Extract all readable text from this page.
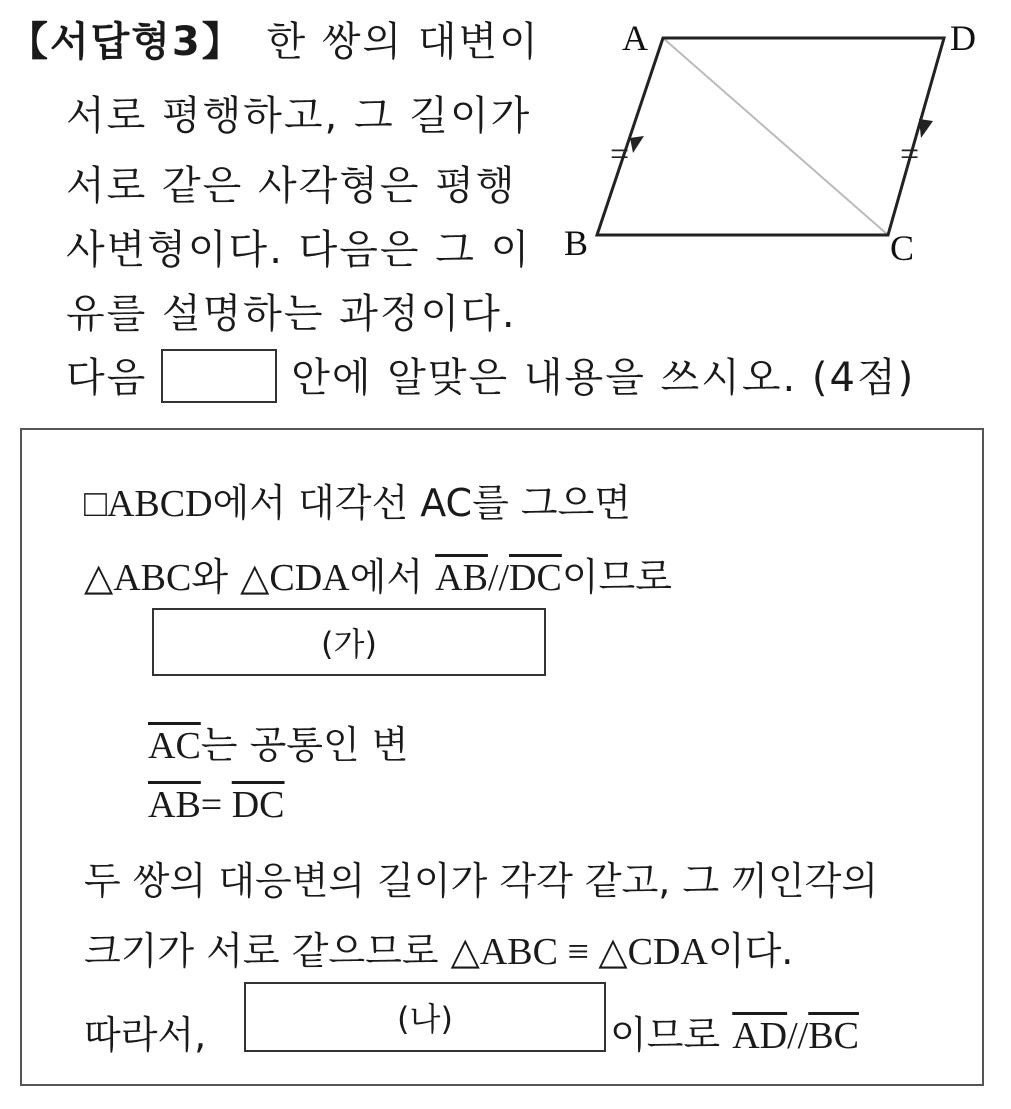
【서답형3】 한 쌍의 대변이
서로 평행하고, 그 길이가
서로 같은 사각형은 평행
사변형이다. 다음은 그 이
유를 설명하는 과정이다.
다음	안에 알맞은 내용을 쓰시오. (4점)
=	=
A	D
B	C
□ABCD에서 대각선 AC를 그으면
△ABC와 △CDA에서 $\overline{AB}//\overline{DC}$이므로
(가)
$\overline{AC}$는 공통인 변
$\overline{AB}= \overline{DC}$
두 쌍의 대응변의 길이가 각각 같고, 그 끼인각의
크기가 서로 같으므로 △ABC ≡ △CDA이다.
따라서,	(나)	이므로 $\overline{AD}//\overline{BC}$
